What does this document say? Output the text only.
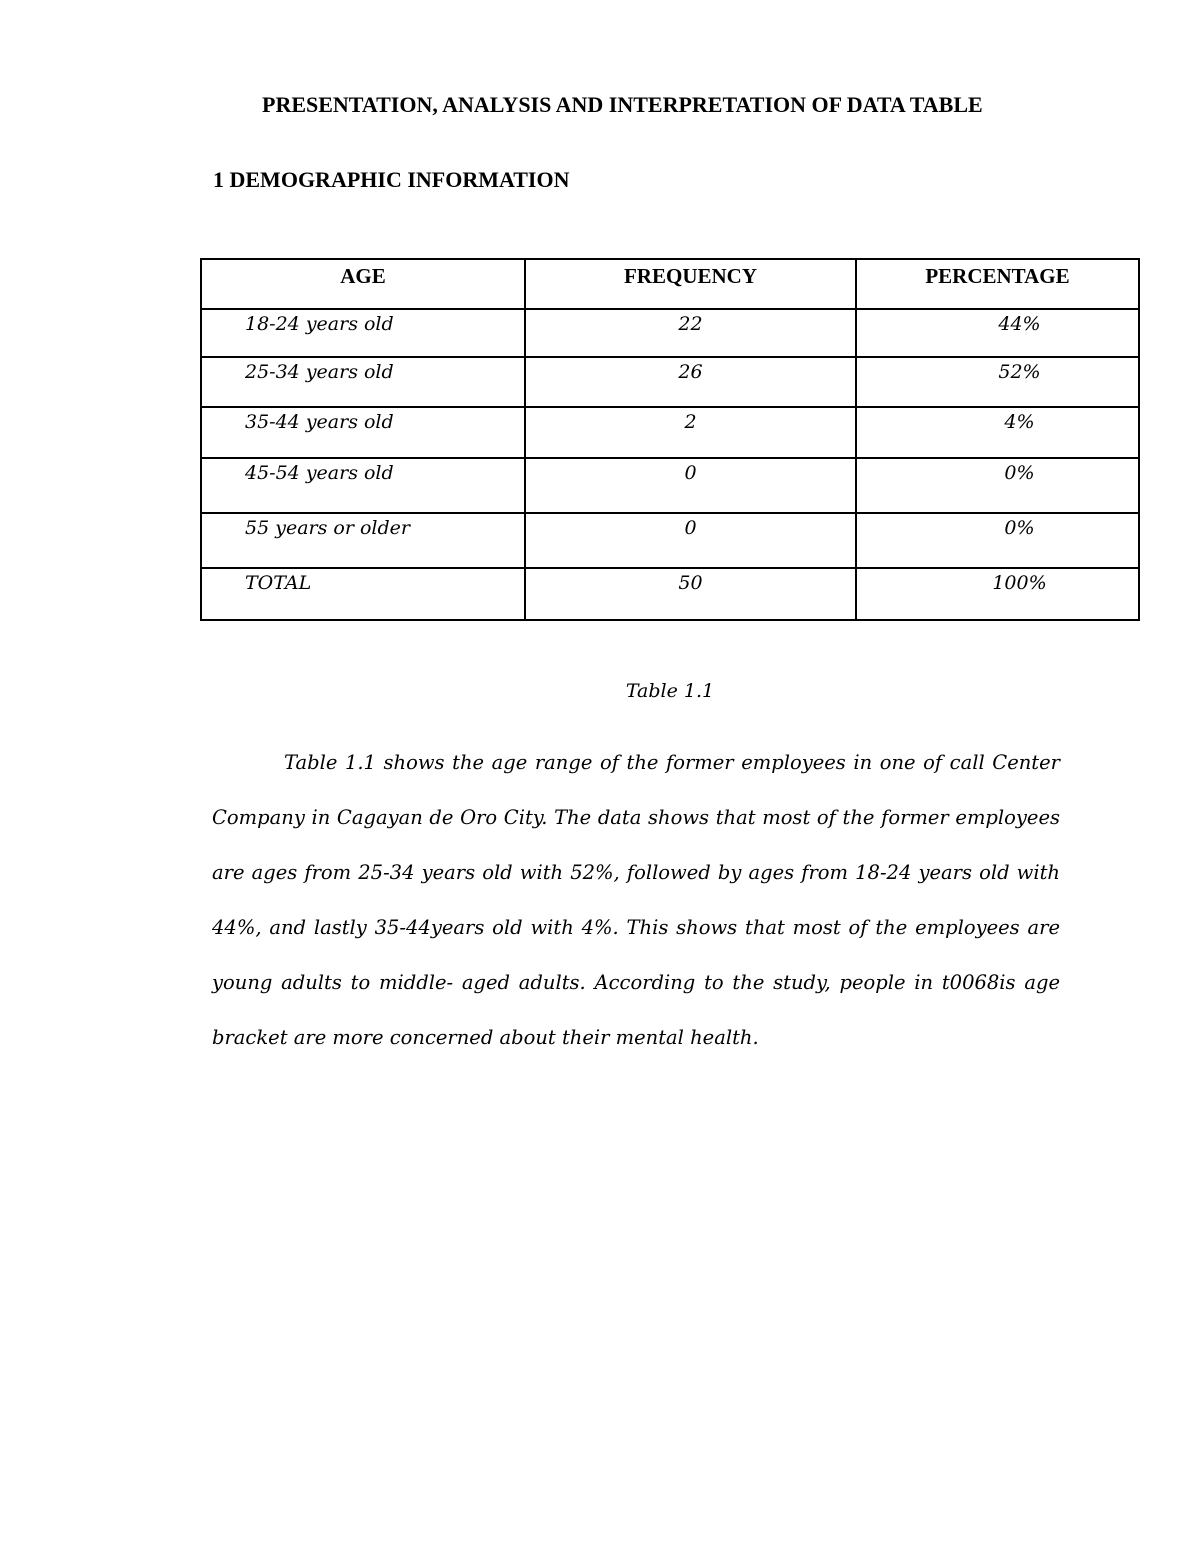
PRESENTATION, ANALYSIS AND INTERPRETATION OF DATA TABLE
1 DEMOGRAPHIC INFORMATION
AGE	FREQUENCY	PERCENTAGE
18-24 years old	22	44%
25-34 years old	26	52%
35-44 years old	2	4%
45-54 years old	0	0%
55 years or older	0	0%
TOTAL	50	100%
Table 1.1

Table 1.1 shows the age range of the former employees in one of call Center Company in Cagayan de Oro City. The data shows that most of the former employees are ages from 25-34 years old with 52%, followed by ages from 18-24 years old with 44%, and lastly 35-44years old with 4%. This shows that most of the employees are young adults to middle- aged adults. According to the study, people in t0068is age bracket are more concerned about their mental health.
